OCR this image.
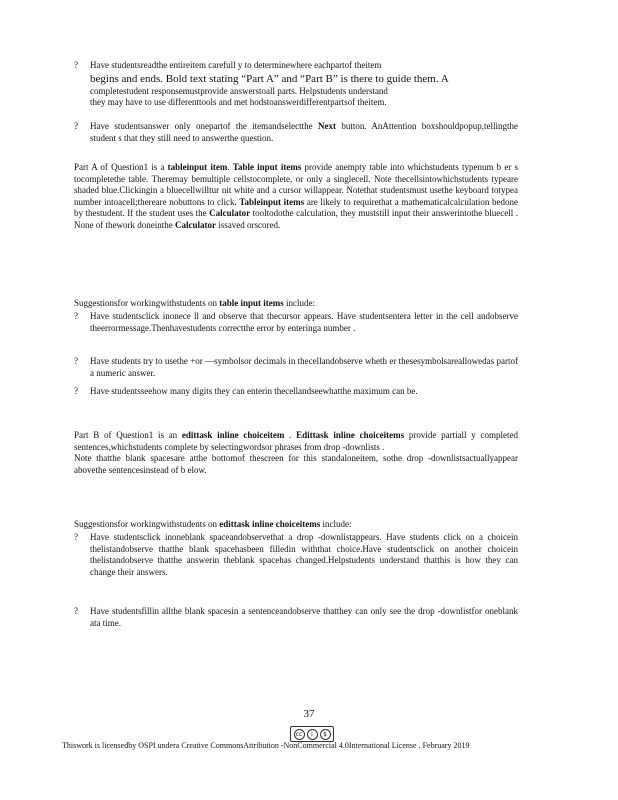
?	Have studentsreadthe entireitem carefull y to determinewhere eachpartof theitem
begins and ends. Bold text stating “Part A” and “Part B” is there to guide them. A
completestudent responsemustprovide answerstoall parts. Helpstudents understand
they may have to use differenttools and met hodstoanswerdifferentpartsof theitem.
?	Have studentsanswer only onepartof the itemandselectthe Next button. AnAttention boxshouldpopup,tellingthe student s that they still need to answerthe question.
Part A of Question1 is a tableinput item. Table input items provide anempty table into whichstudents typenum b er s tocompletethe table. Theremay bemultiple cellstocomplete, or only a singlecell. Note thecellsintowhichstudents typeare shaded blue.Clickingin a bluecellwilltur nit white and a cursor willappear. Notethat studentsmust usethe keyboard totypea number intoacell;thereare nobuttons to click. Tableinput items are likely to requirethat a mathematicalcalculation bedone by thestudent. If the student uses the Calculator tooltodothe calculation, they muststill input their answerintothe bluecell . None of thework doneinthe Calculator issaved orscored.
Suggestionsfor workingwithstudents on table input items include:
?	Have studentsclick inonece ll and observe that thecursor appears. Have studentsentera letter in the cell andobserve theerrormessage.Thenhavestudents correctthe error by enteringa number .
?	Have students try to usethe +or —symbolsor decimals in thecellandobserve wheth er thesesymbolsareallowedas partof a numeric answer.
?	Have studentsseehow many digits they can enterin thecellandseewhatthe maximum can be.
Part B of Question1 is an edittask inline choiceitem . Edittask inline choiceitems provide partiall y completed sentences,whichstudents complete by selectingwordsor phrases from drop -downlists .
Note thatthe blank spacesare atthe bottomof thescreen for this standaloneitem, sothe drop -downlistsactuallyappear abovethe sentencesinstead of b elow.
Suggestionsfor workingwithstudents on edittask inline choiceitems include:
?	Have studentsclick inoneblank spaceandobservethat a drop -downlistappears. Have students click on a choicein thelistandobserve thatthe blank spacehasbeen filledin withthat choice.Have studentsclick on another choicein thelistandobserve thatthe answerin theblank spacehas changed.Helpstudents understand thatthis is how they can change their answers.
?	Have studentsfillin allthe blank spacesin a sentenceandobserve thatthey can only see the drop -downlistfor oneblank ata time.
37
cc	i	$
Thiswork is licensedby OSPI undera Creative CommonsAttribution -NonCommercial 4.0International License . February 2019
